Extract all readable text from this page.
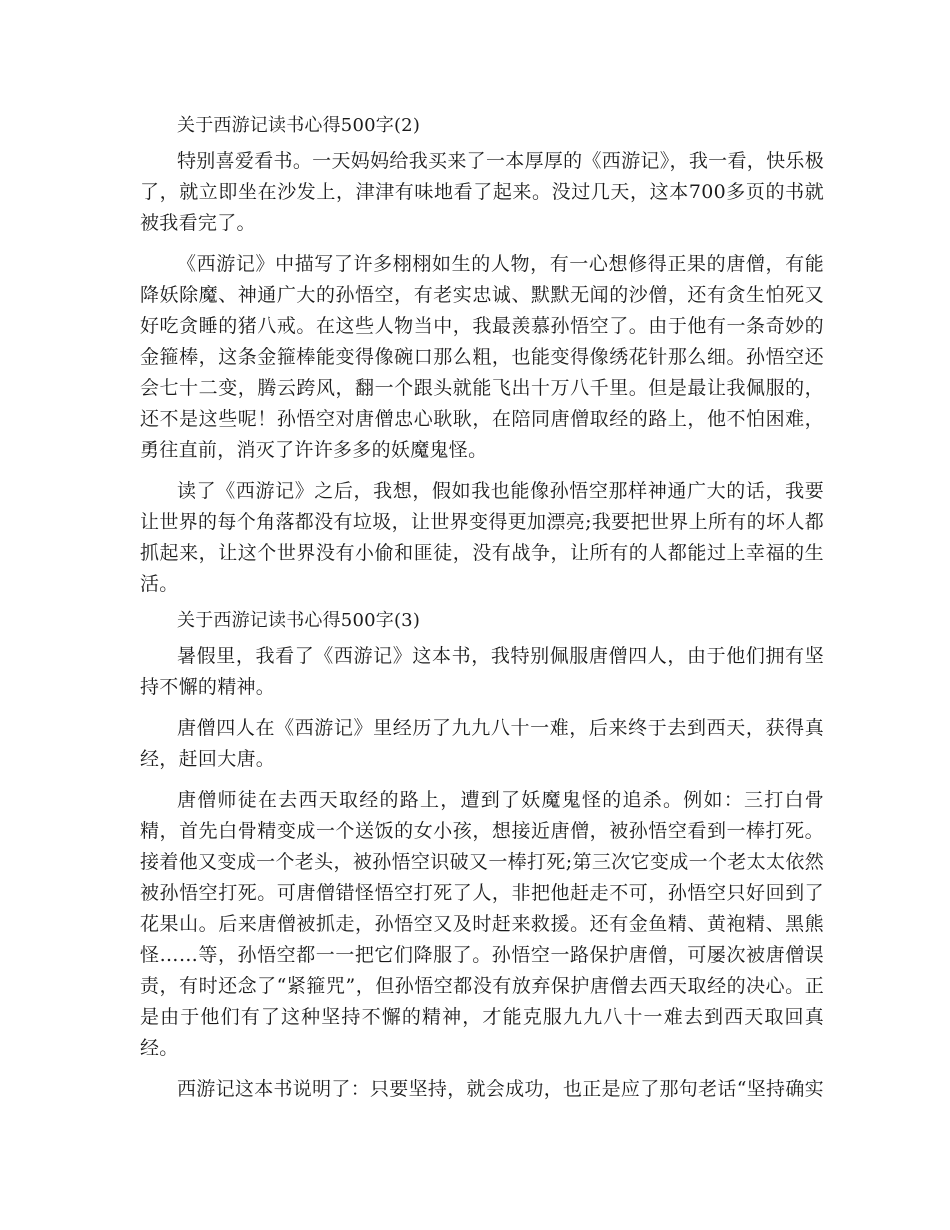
关于西游记读书心得500字(2)

特别喜爱看书。一天妈妈给我买来了一本厚厚的《西游记》，我一看，快乐极了，就立即坐在沙发上，津津有味地看了起来。没过几天，这本700多页的书就被我看完了。

《西游记》中描写了许多栩栩如生的人物，有一心想修得正果的唐僧，有能降妖除魔、神通广大的孙悟空，有老实忠诚、默默无闻的沙僧，还有贪生怕死又好吃贪睡的猪八戒。在这些人物当中，我最羡慕孙悟空了。由于他有一条奇妙的金箍棒，这条金箍棒能变得像碗口那么粗，也能变得像绣花针那么细。孙悟空还会七十二变，腾云跨风，翻一个跟头就能飞出十万八千里。但是最让我佩服的，还不是这些呢！孙悟空对唐僧忠心耿耿，在陪同唐僧取经的路上，他不怕困难，勇往直前，消灭了许许多多的妖魔鬼怪。

读了《西游记》之后，我想，假如我也能像孙悟空那样神通广大的话，我要让世界的每个角落都没有垃圾，让世界变得更加漂亮;我要把世界上所有的坏人都抓起来，让这个世界没有小偷和匪徒，没有战争，让所有的人都能过上幸福的生活。

关于西游记读书心得500字(3)

暑假里，我看了《西游记》这本书，我特别佩服唐僧四人，由于他们拥有坚持不懈的精神。

唐僧四人在《西游记》里经历了九九八十一难，后来终于去到西天，获得真经，赶回大唐。

唐僧师徒在去西天取经的路上，遭到了妖魔鬼怪的追杀。例如：三打白骨精，首先白骨精变成一个送饭的女小孩，想接近唐僧，被孙悟空看到一棒打死。接着他又变成一个老头，被孙悟空识破又一棒打死;第三次它变成一个老太太依然被孙悟空打死。可唐僧错怪悟空打死了人，非把他赶走不可，孙悟空只好回到了花果山。后来唐僧被抓走，孙悟空又及时赶来救援。还有金鱼精、黄袍精、黑熊怪……等，孙悟空都一一把它们降服了。孙悟空一路保护唐僧，可屡次被唐僧误责，有时还念了“紧箍咒”，但孙悟空都没有放弃保护唐僧去西天取经的决心。正是由于他们有了这种坚持不懈的精神，才能克服九九八十一难去到西天取回真经。

西游记这本书说明了：只要坚持，就会成功，也正是应了那句老话“坚持确实
